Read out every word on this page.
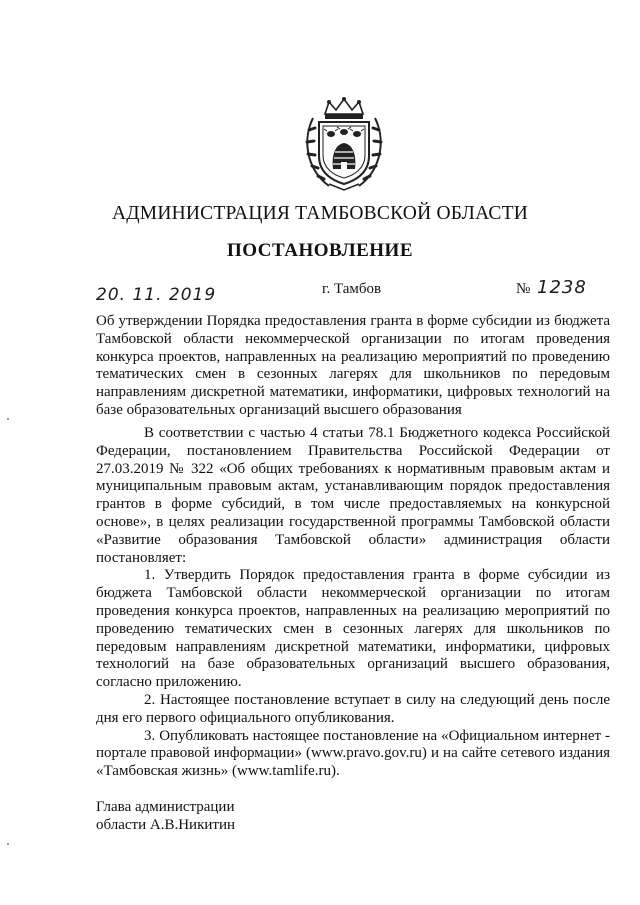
АДМИНИСТРАЦИЯ ТАМБОВСКОЙ ОБЛАСТИ
ПОСТАНОВЛЕНИЕ
20. 11. 2019	г. Тамбов	№ 1238
Об утверждении Порядка предоставления гранта в форме субсидии из бюджета Тамбовской области некоммерческой организации по итогам проведения конкурса проектов, направленных на реализацию мероприятий по проведению тематических смен в сезонных лагерях для школьников по передовым направлениям дискретной математики, информатики, цифровых технологий на базе образовательных организаций высшего образования

В соответствии с частью 4 статьи 78.1 Бюджетного кодекса Российской Федерации, постановлением Правительства Российской Федерации от 27.03.2019 № 322 «Об общих требованиях к нормативным правовым актам и муниципальным правовым актам, устанавливающим порядок предоставления грантов в форме субсидий, в том числе предоставляемых на конкурсной основе», в целях реализации государственной программы Тамбовской области «Развитие образования Тамбовской области» администрация области постановляет:

1. Утвердить Порядок предоставления гранта в форме субсидии из бюджета Тамбовской области некоммерческой организации по итогам проведения конкурса проектов, направленных на реализацию мероприятий по проведению тематических смен в сезонных лагерях для школьников по передовым направлениям дискретной математики, информатики, цифровых технологий на базе образовательных организаций высшего образования, согласно приложению.

2. Настоящее постановление вступает в силу на следующий день после дня его первого официального опубликования.

3. Опубликовать настоящее постановление на «Официальном интернет - портале правовой информации» (www.pravo.gov.ru) и на сайте сетевого издания «Тамбовская жизнь» (www.tamlife.ru).

Глава администрации
области А.В.Никитин
